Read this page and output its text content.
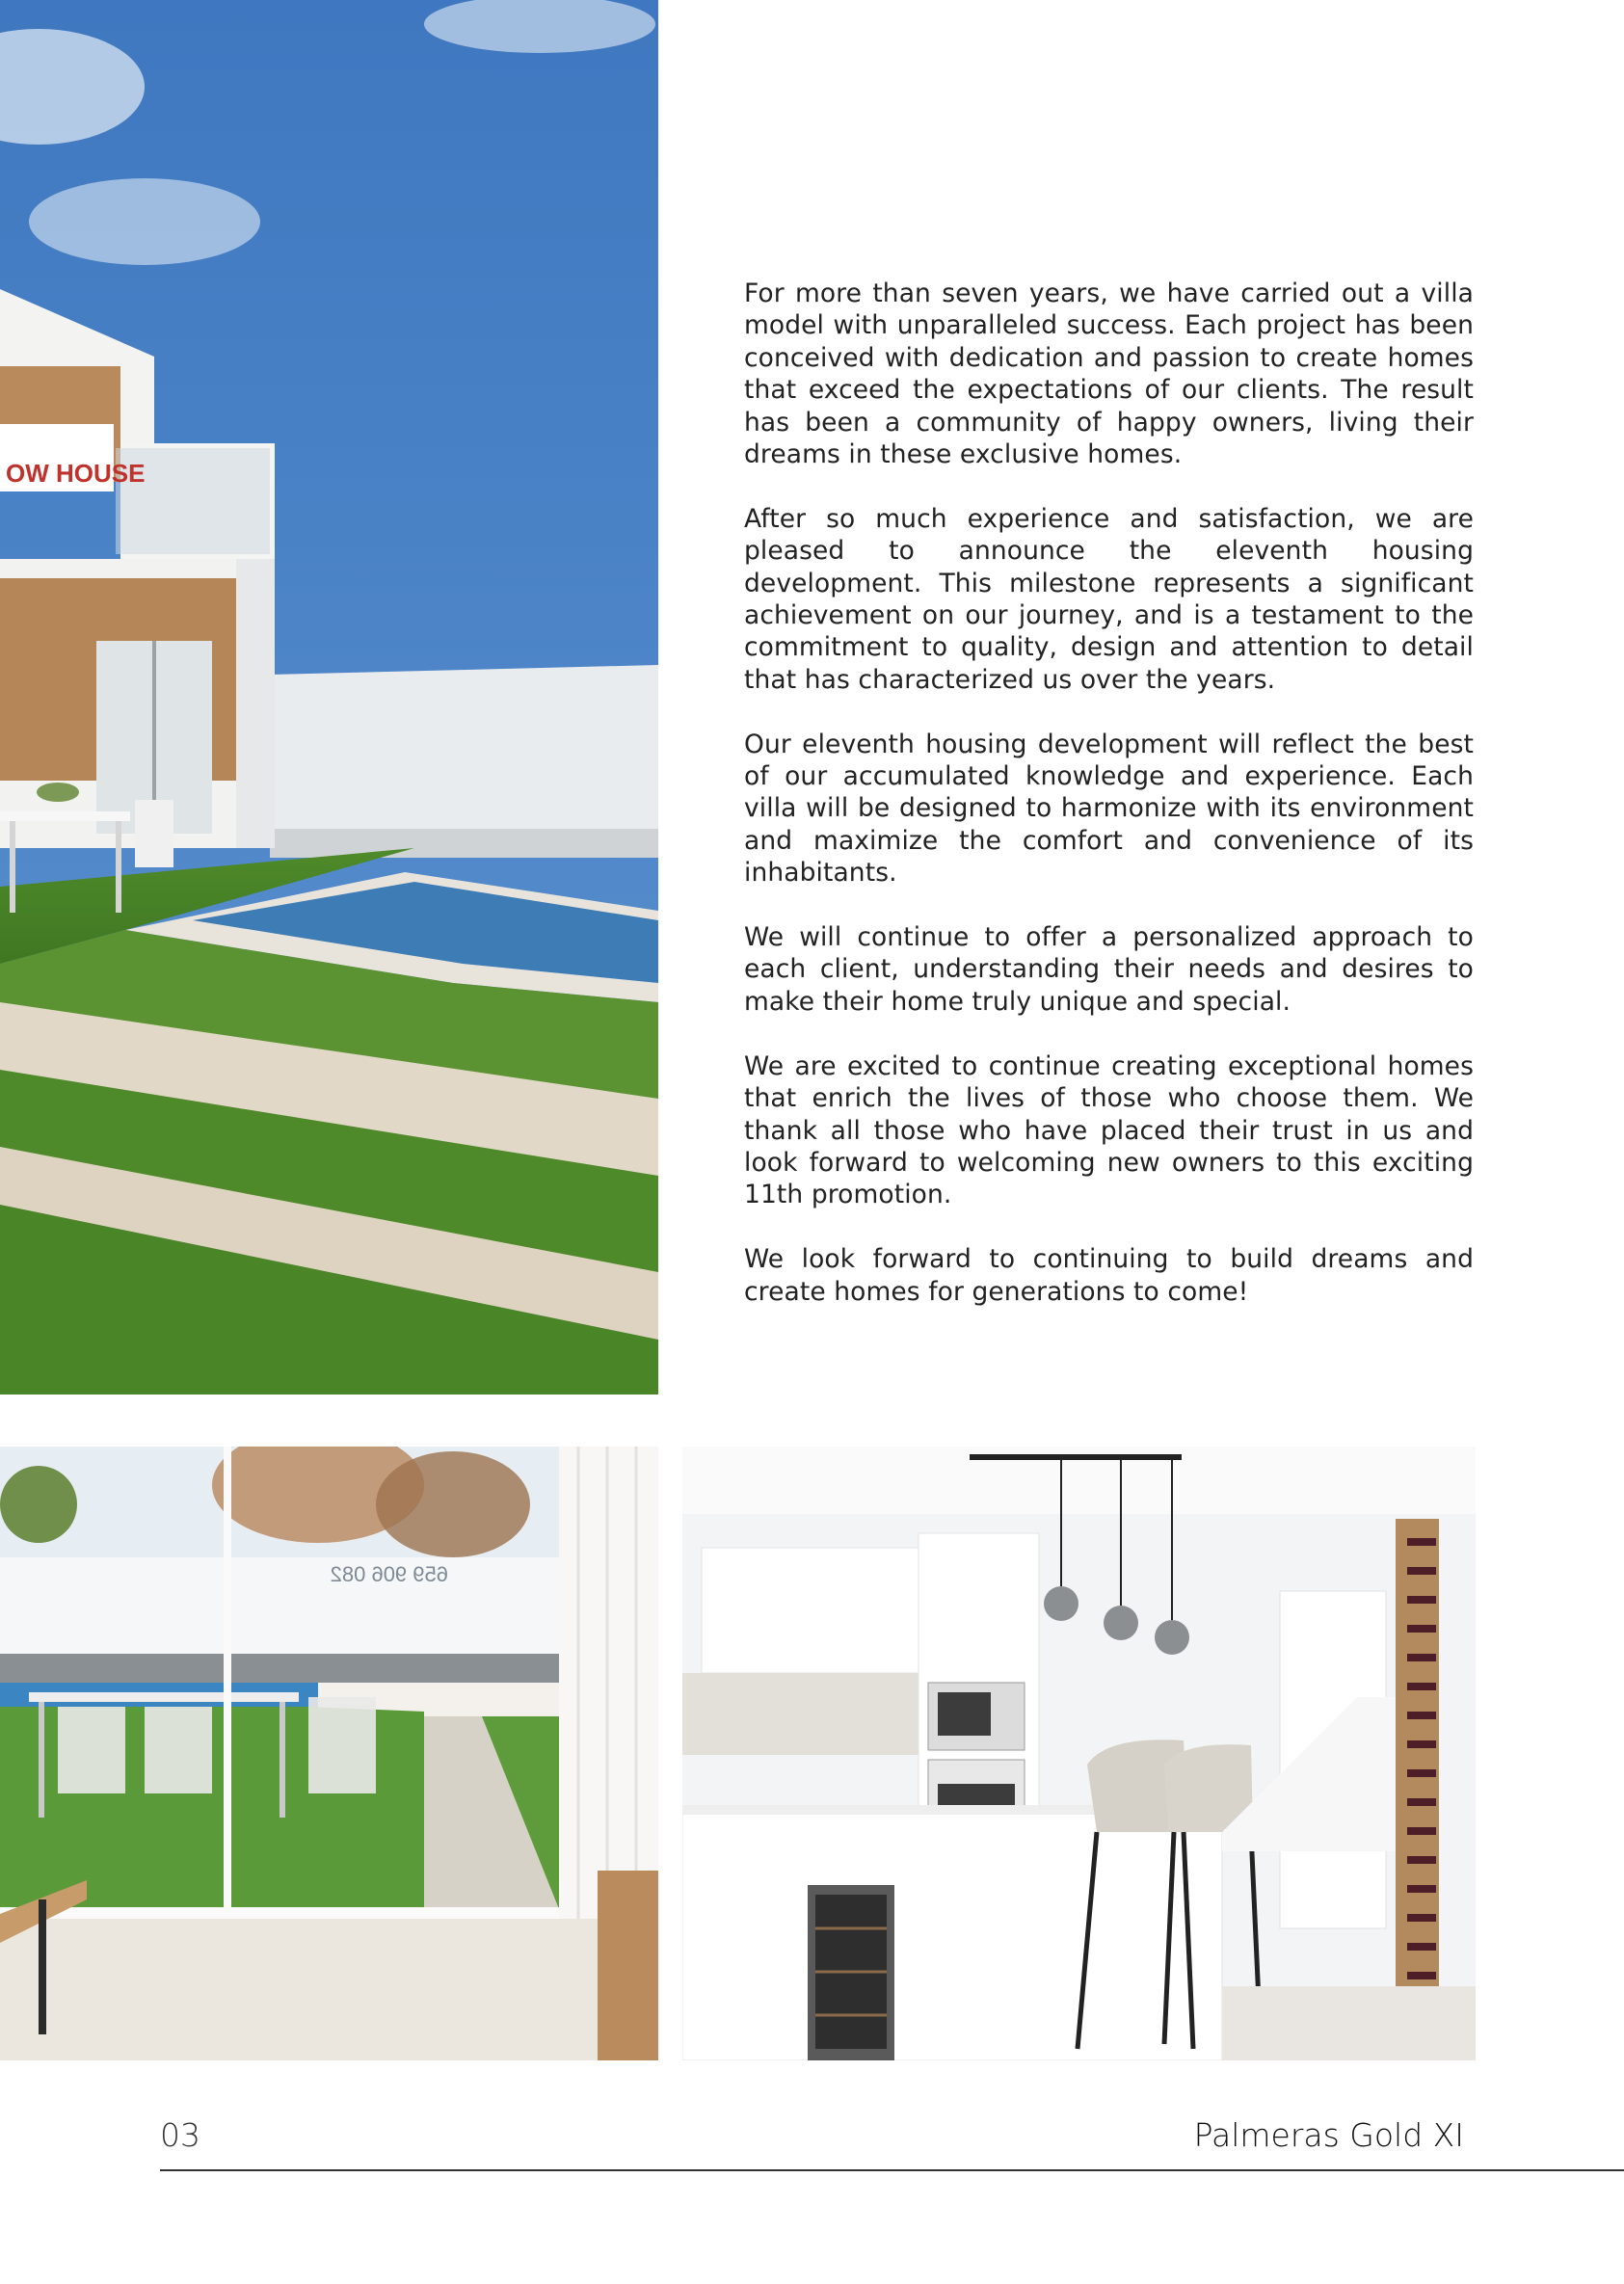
OW HOUSE

For more than seven years, we have carried out a villa model with unparalleled success. Each project has been conceived with dedication and passion to create homes that exceed the expectations of our clients. The result has been a community of happy owners, living their dreams in these exclusive homes.

After so much experience and satisfaction, we are pleased to announce the eleventh housing development. This milestone represents a significant achievement on our journey, and is a testament to the commitment to quality, design and attention to detail that has characterized us over the years.

Our eleventh housing development will reflect the best of our accumulated knowledge and experience. Each villa will be designed to harmonize with its environment and maximize the comfort and convenience of its inhabitants.

We will continue to offer a personalized approach to each client, understanding their needs and desires to make their home truly unique and special.

We are excited to continue creating exceptional homes that enrich the lives of those who choose them. We thank all those who have placed their trust in us and look forward to welcoming new owners to this exciting 11th promotion.

We look forward to continuing to build dreams and create homes for generations to come!

659 906 082
03	Palmeras Gold XI
